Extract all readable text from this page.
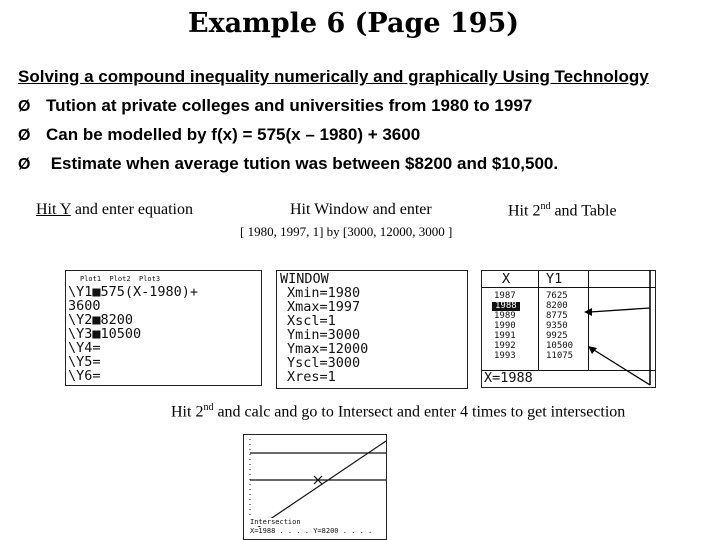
Example 6 (Page 195)
Solving a compound inequality numerically and graphically Using Technology
Ø Tution at private colleges and universities from 1980 to 1997
Ø Can be modelled by f(x) = 575(x – 1980) + 3600
Ø Estimate when average tution was between $8200 and $10,500.
Hit Y and enter equation	Hit Window and enter
[ 1980, 1997, 1] by [3000, 12000, 3000 ]
Hit 2nd and Table
Plot1  Plot2  Plot3
\Y1■575(X-1980)+
3600
\Y2■8200
\Y3■10500
\Y4=
\Y5=
\Y6=
WINDOW
Xmin=1980
Xmax=1997
Xscl=1
Ymin=3000
Ymax=12000
Yscl=3000
Xres=1
X	Y1
1987	7625
1988	8200
1989	8775
1990	9350
1991	9925
1992	10500
1993	11075
X=1988
Hit 2nd and calc and go to Intersect and enter 4 times to get intersection
Intersection
X=1988 . . . . Y=8200 . . . .
